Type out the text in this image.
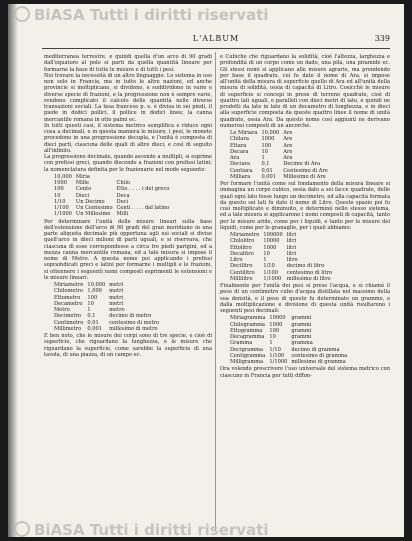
L'ALBUM	339

mediterranea terrestre, e quindi quella d'un arco di 90 gradi dall'equatore al polo si parti da quella quantità lineare per formarne la base di tutte le misure e di tutti i pesi.

Noi trovare la necessità di un altro linguaggio. Lo sistema in uso non solo in Francia, ma in tutte le altre nazioni, ed anche provincie si moltiplicano, si dividono, e suddividono in varie e diverse specie di frazioni, e la progressione non è sempre varie, rendono complicato il calcolo delle quantità nelle diverse transazioni sociali. La tesa francese p. e. è divisa in sei piedi, il piede in dodici pollici, il pollice in dodici linee; la canna mercantile romana in otto palmi ec.

In tutti questi casi, il sistema metrico semplifica e riduce ogni cosa a decimali, e in questa maniera le misure, i pesi, le monete procedono in una progressione decupla, e l'unità è composta di dieci parti, ciascuna delle quali di altre dieci, e così di seguito all'infinito.

La progressione decimale, quando ascende a multipli, si esprime con prefissi greci, quando discende a frazioni con prefissi latini; la nomenclatura definita per le frazionarie nel modo seguente:

10,000	Miria	
1000	Mille	Chilo
100	Cento	Etto . . . . i del greco
10	Dieci	Deca
1/10	Un Decimo	Deci
1/100	Un Centesimo	Centi . . . . dal latino
1/1000	Un Millesimo	Milli

Per determinare l'unità delle misure lineari sulla base dell'estensione dell'arco di 90 gradi del gran meridiano in una parte aliquota decimale più opportuna agli usi sociali si divise quell'arco in dieci milioni di parti uguali, e si riservava, che ciascuna di esse corrispondesse a circa tre piedi parigini, ed a mezza canna mercantile romana, ed a tale misura si impose il nome di Metro. A questa nome poi applicando i prefissi sopraindicati greci e latini per formarne i multipli e le frazioni, si ottennero i seguenti nomi composti esprimenti le estensioni e le misure lineari:

Miriametro	10,000	metri
Chilometro	1,000	metri
Ettometro	100	metri
Decametro	10	metri
Metro	1	metro
Decimetro	0,1	decimo di metro
Centimetro	0,01	centesimo di metro
Millimetro	0,001	millesimo di metro

E ben noto, che le misure dei corpi sono di tre specie, e cioè di superficie, che riguardano la lunghezza, e le misure che riguardano la superficie, come sarebbe la superficie di una tavola, di una piazza, di un campo ec.

e Cubiche che riguardano la solidità, cioè l'altezza, larghezza e profondità di un corpo come un dado, una pila, una piramide ec. Gli stessi nomi si applicano alle misure agrarie, ma prendendo per base il quadrato, cui fu dato il nome di Ara, si impose all'unità della misura di superficie quello di Ara ed all'unità della misura di solidità, ossia di capacità di Litro. Cosicchè le misure di superficie si concepi in prese di terreno quadrato, cioè di quattro lati uguali, e paralleli con dieci metri di lato, e quindi ne prodotti da lato in lato di un decametro di lunghezza, e in dieci alla superficie composta da queste quattro linee il nome di unità quadrate, ossia Ara. Da questo nome così aggiunti ne derivano numerosi composti di un ancorché.

Le Miriara	10,000	Are
Chilara	1000	Are
Ettara	100	Are
Decara	10	Are
Ara	1	Ara
Deciara	0,1	Decimo di Ara
Centiara	0,01	Centesimo di Are
Milliara	0,001	Millesimo di Are

Per formare l'unità come sul fondamento della misura lineare si immagina un corpo cubico, ossia dato a sei facce quadrate, delle quali ogni lato fosse lungo un decimetro, ed alla capacità formata da questo sei lati fu dato il nome di Litro. Questo spazio poi fu così moltiplicato e diminuito, e determinò nello stesso sistema, ed a tale misura si applicarono i nomi composti di capacità, tanto per le misure aride, come per i liquidi, e tanto per le misure dei liquidi, come per le granaglie, per i quali abbiamo:

Miriametro	100000	litri
Chilolitro	10000	litri
Ettolitro	1000	litri
Decalitro	10	litri
Litro	1	litro
Decilitro	1/10	decimo di litro
Centilitro	1/100	centesimo di litro
Millilitro	1/1000	millesimo di litro

Finalmente per l'unità dei pesi si prese l'acqua, e si chiamò il peso di un centimetro cubo d'acqua distillata nel massimo della sua densità, e il peso di questo fu determinato un grammo, e dalla moltiplicazione e divisione di questa unità risultarono i seguenti pesi decimali:

Miriagramma	10000	grammi
Chilogramma	1000	grammi
Ettogramma	100	grammi
Decagramma	10	grammi
Gramma	1	gramma
Decigramma	1/10	decimo di gramma
Centigramma	1/100	centesimo di gramma
Milligramma	1/1000	millesimo di gramma

Ora volendo prescrivere l'uso universale del sistema metrico con ciascuno in Francia per tutti diffon-

BiASA Tutti i diritti riservati
BiASA Tutti i diritti riservati
